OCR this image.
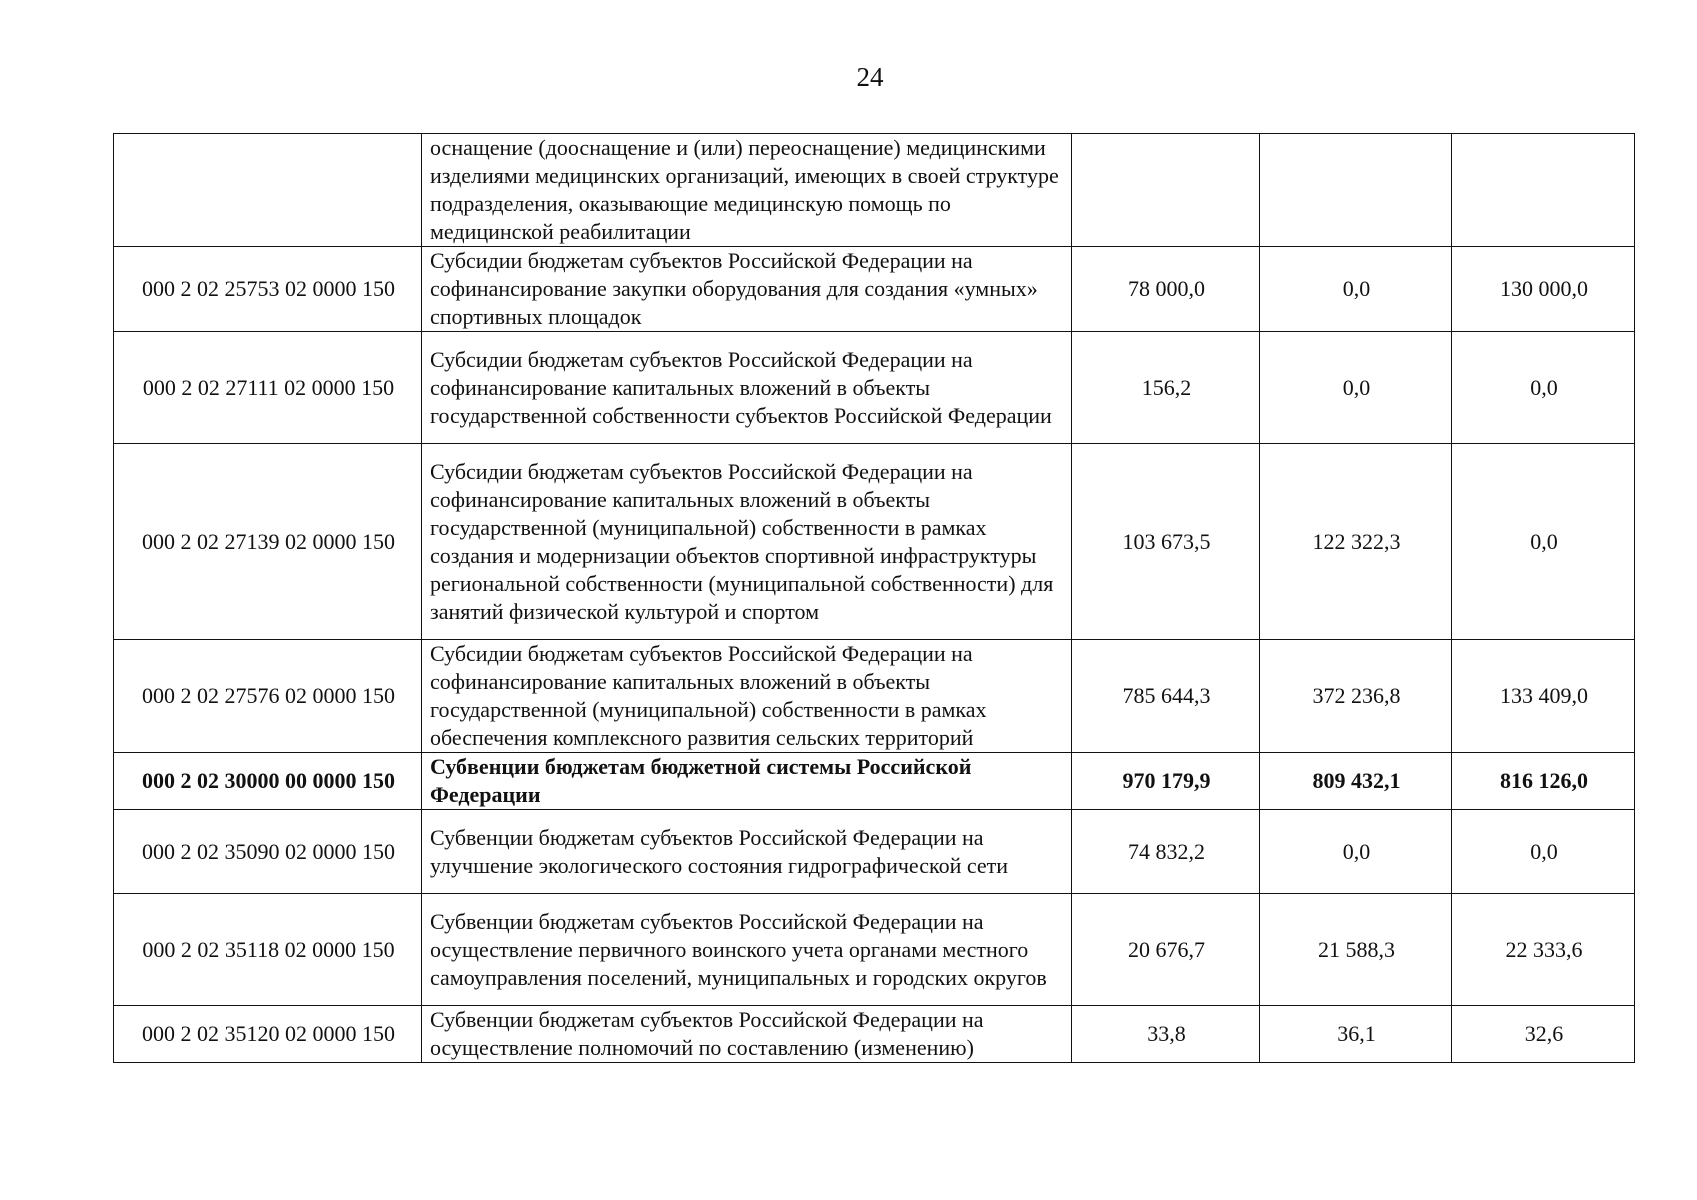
24
	оснащение (дооснащение и (или) переоснащение) медицинскими изделиями медицинских организаций, имеющих в своей структуре подразделения, оказывающие медицинскую помощь по медицинской реабилитации			
000 2 02 25753 02 0000 150	Субсидии бюджетам субъектов Российской Федерации на софинансирование закупки оборудования для создания «умных» спортивных площадок	78 000,0	0,0	130 000,0
000 2 02 27111 02 0000 150	Субсидии бюджетам субъектов Российской Федерации на софинансирование капитальных вложений в объекты государственной собственности субъектов Российской Федерации	156,2	0,0	0,0
000 2 02 27139 02 0000 150	Субсидии бюджетам субъектов Российской Федерации на софинансирование капитальных вложений в объекты государственной (муниципальной) собственности в рамках создания и модернизации объектов спортивной инфраструктуры региональной собственности (муниципальной собственности) для занятий физической культурой и спортом	103 673,5	122 322,3	0,0
000 2 02 27576 02 0000 150	Субсидии бюджетам субъектов Российской Федерации на софинансирование капитальных вложений в объекты государственной (муниципальной) собственности в рамках обеспечения комплексного развития сельских территорий	785 644,3	372 236,8	133 409,0
000 2 02 30000 00 0000 150	Субвенции бюджетам бюджетной системы Российской Федерации	970 179,9	809 432,1	816 126,0
000 2 02 35090 02 0000 150	Субвенции бюджетам субъектов Российской Федерации на улучшение экологического состояния гидрографической сети	74 832,2	0,0	0,0
000 2 02 35118 02 0000 150	Субвенции бюджетам субъектов Российской Федерации на осуществление первичного воинского учета органами местного самоуправления поселений, муниципальных и городских округов	20 676,7	21 588,3	22 333,6
000 2 02 35120 02 0000 150	Субвенции бюджетам субъектов Российской Федерации на осуществление полномочий по составлению (изменению)	33,8	36,1	32,6
